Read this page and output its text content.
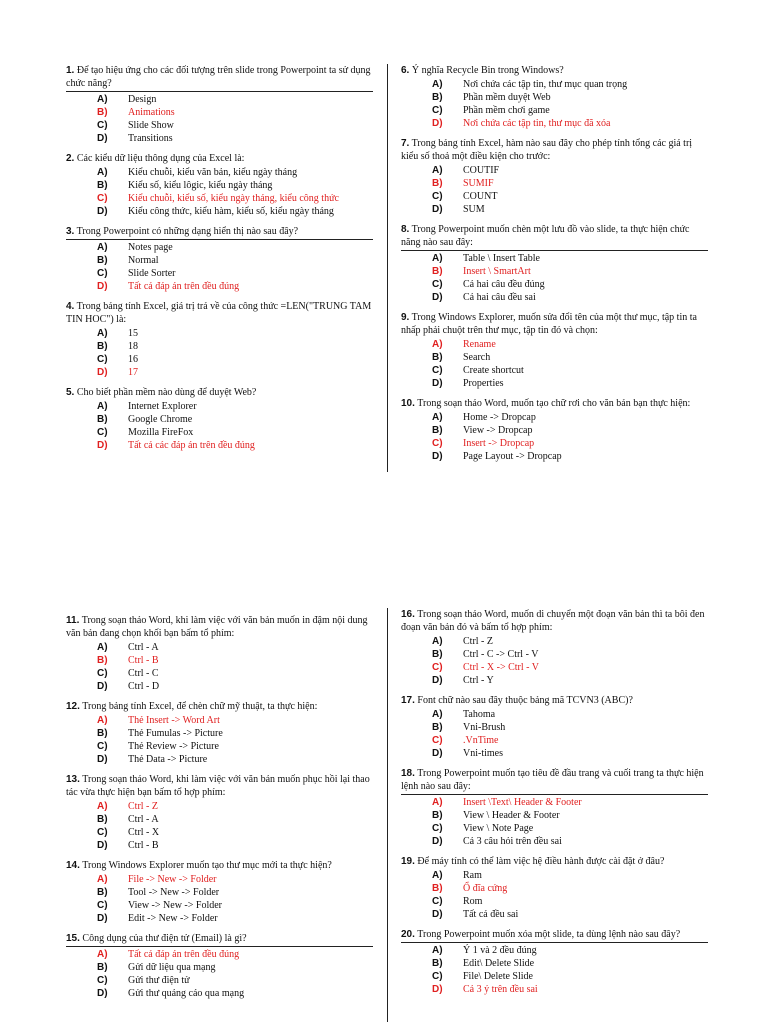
1. Để tạo hiệu ứng cho các đối tượng trên slide trong Powerpoint ta sử dụng chức năng?
A)	Design
B)	Animations
C)	Slide Show
D)	Transitions
2. Các kiểu dữ liệu thông dụng của Excel là:
A)	Kiểu chuỗi, kiểu văn bản, kiểu ngày tháng
B)	Kiểu số, kiểu lôgic, kiểu ngày tháng
C)	Kiểu chuỗi, kiểu số, kiểu ngày tháng, kiểu công thức
D)	Kiểu công thức, kiểu hàm, kiểu số, kiểu ngày tháng
3. Trong Powerpoint có những dạng hiển thị nào sau đây?
A)	Notes page
B)	Normal
C)	Slide Sorter
D)	Tất cả đáp án trên đều đúng
4. Trong bảng tính Excel, giá trị trả về của công thức =LEN("TRUNG TAM TIN HOC") là:
A)	15
B)	18
C)	16
D)	17
5. Cho biết phần mềm nào dùng để duyệt Web?
A)	Internet Explorer
B)	Google Chrome
C)	Mozilla FireFox
D)	Tất cả các đáp án trên đều đúng
6. Ý nghĩa Recycle Bin trong Windows?
A)	Nơi chứa các tập tin, thư mục quan trọng
B)	Phần mềm duyệt Web
C)	Phần mềm chơi game
D)	Nơi chứa các tập tin, thư mục đã xóa
7. Trong bảng tính Excel, hàm nào sau đây cho phép tính tổng các giá trị kiểu số thoả một điều kiện cho trước:
A)	COUTIF
B)	SUMIF
C)	COUNT
D)	SUM
8. Trong Powerpoint muốn chèn một lưu đồ vào slide, ta thực hiện chức năng nào sau đây:
A)	Table \ Insert Table
B)	Insert \ SmartArt
C)	Cả hai câu đều đúng
D)	Cả hai câu đều sai
9. Trong Windows Explorer, muốn sửa đổi tên của một thư mục, tập tin ta nhấp phải chuột trên thư mục, tập tin đó và chọn:
A)	Rename
B)	Search
C)	Create shortcut
D)	Properties
10. Trong soạn thảo Word, muốn tạo chữ rơi cho văn bản bạn thực hiện:
A)	Home -> Dropcap
B)	View -> Dropcap
C)	Insert -> Dropcap
D)	Page Layout -> Dropcap
11. Trong soạn thảo Word, khi làm việc với văn bản muốn in đậm nội dung văn bản đang chọn khối bạn bấm tổ phím:
A)	Ctrl - A
B)	Ctrl - B
C)	Ctrl - C
D)	Ctrl - D
12. Trong bảng tính Excel, để chèn chữ mỹ thuật, ta thực hiện:
A)	Thẻ Insert -> Word Art
B)	Thẻ Fumulas -> Picture
C)	Thẻ Review -> Picture
D)	Thẻ Data -> Picture
13. Trong soạn thảo Word, khi làm việc với văn bản muốn phục hồi lại thao tác vừa thực hiện bạn bấm tổ hợp phím:
A)	Ctrl - Z
B)	Ctrl - A
C)	Ctrl - X
D)	Ctrl - B
14. Trong Windows Explorer muốn tạo thư mục mới ta thực hiện?
A)	File -> New -> Folder
B)	Tool -> New -> Folder
C)	View -> New -> Folder
D)	Edit -> New -> Folder
15. Công dụng của thư điện tử (Email) là gì?
A)	Tất cả đáp án trên đều đúng
B)	Gửi dữ liệu qua mạng
C)	Gửi thư điện tử
D)	Gửi thư quảng cáo qua mạng
16. Trong soạn thảo Word, muốn di chuyển một đoạn văn bản thì ta bôi đen đoạn văn bản đó và bấm tổ hợp phím:
A)	Ctrl - Z
B)	Ctrl - C -> Ctrl - V
C)	Ctrl - X -> Ctrl - V
D)	Ctrl - Y
17. Font chữ nào sau đây thuộc bảng mã TCVN3 (ABC)?
A)	Tahoma
B)	Vni-Brush
C)	.VnTime
D)	Vni-times
18. Trong Powerpoint muốn tạo tiêu đề đầu trang và cuối trang ta thực hiện lệnh nào sau đây:
A)	Insert \Text\ Header & Footer
B)	View \ Header & Footer
C)	View \ Note Page
D)	Cả 3 câu hỏi trên đều sai
19. Để máy tính có thể làm việc hệ điều hành được cài đặt ở đâu?
A)	Ram
B)	Ổ đĩa cứng
C)	Rom
D)	Tất cả đều sai
20. Trong Powerpoint muốn xóa một slide, ta dùng lệnh nào sau đây?
A)	Ý 1 và 2 đều đúng
B)	Edit\ Delete Slide
C)	File\ Delete Slide
D)	Cả 3 ý trên đều sai
